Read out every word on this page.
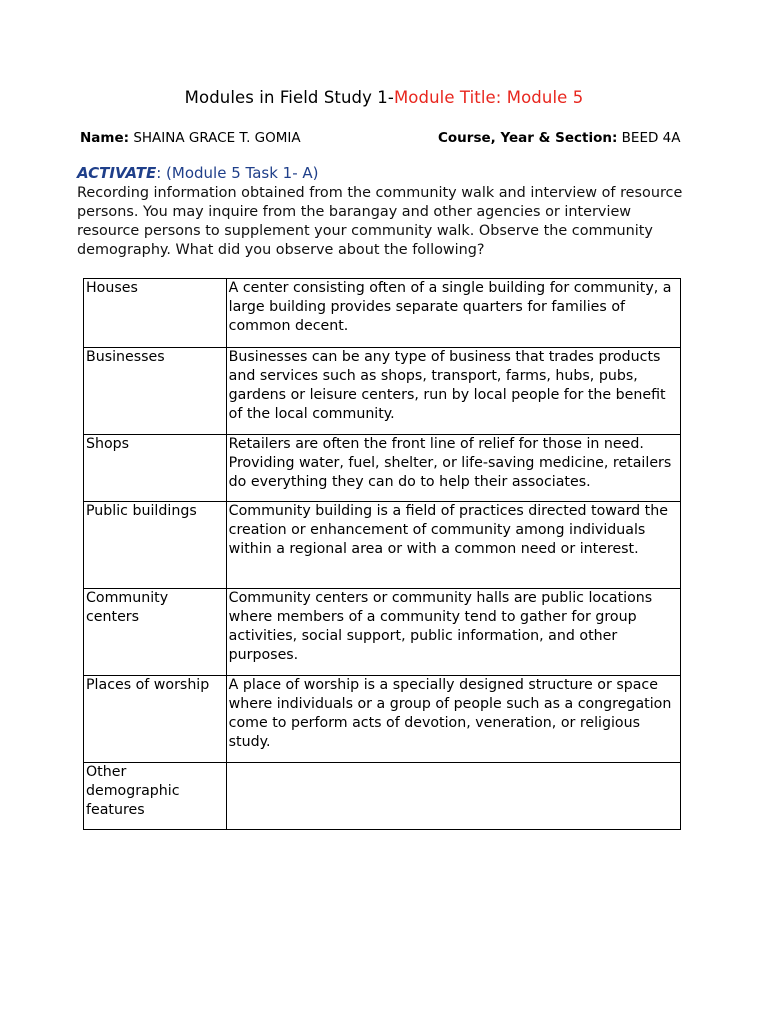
Modules in Field Study 1-Module Title: Module 5
Name: SHAINA GRACE T. GOMIA	Course, Year & Section: BEED 4A
ACTIVATE: (Module 5 Task 1- A)
Recording information obtained from the community walk and interview of resource persons. You may inquire from the barangay and other agencies or interview resource persons to supplement your community walk. Observe the community demography. What did you observe about the following?
Houses	A center consisting often of a single building for community, a large building provides separate quarters for families of common decent.
Businesses	Businesses can be any type of business that trades products and services such as shops, transport, farms, hubs, pubs, gardens or leisure centers, run by local people for the benefit of the local community.
Shops	Retailers are often the front line of relief for those in need. Providing water, fuel, shelter, or life-saving medicine, retailers do everything they can do to help their associates.
Public buildings	Community building is a field of practices directed toward the creation or enhancement of community among individuals within a regional area or with a common need or interest.
Community centers	Community centers or community halls are public locations where members of a community tend to gather for group activities, social support, public information, and other purposes.
Places of worship	A place of worship is a specially designed structure or space where individuals or a group of people such as a congregation come to perform acts of devotion, veneration, or religious study.
Other demographic features	
